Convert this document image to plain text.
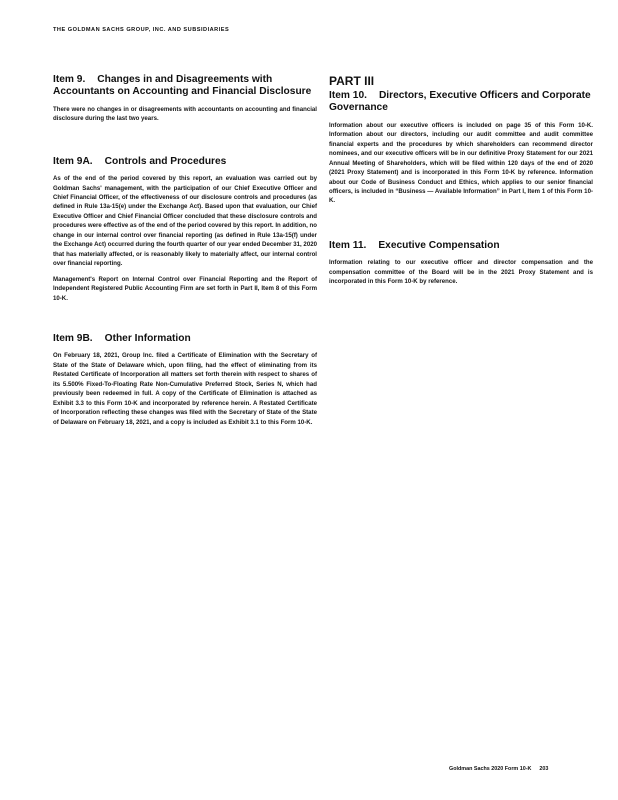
THE GOLDMAN SACHS GROUP, INC. AND SUBSIDIARIES
Item 9. Changes in and Disagreements with Accountants on Accounting and Financial Disclosure

There were no changes in or disagreements with accountants on accounting and financial disclosure during the last two years.

Item 9A. Controls and Procedures

As of the end of the period covered by this report, an evaluation was carried out by Goldman Sachs' management, with the participation of our Chief Executive Officer and Chief Financial Officer, of the effectiveness of our disclosure controls and procedures (as defined in Rule 13a-15(e) under the Exchange Act). Based upon that evaluation, our Chief Executive Officer and Chief Financial Officer concluded that these disclosure controls and procedures were effective as of the end of the period covered by this report. In addition, no change in our internal control over financial reporting (as defined in Rule 13a-15(f) under the Exchange Act) occurred during the fourth quarter of our year ended December 31, 2020 that has materially affected, or is reasonably likely to materially affect, our internal control over financial reporting.

Management's Report on Internal Control over Financial Reporting and the Report of Independent Registered Public Accounting Firm are set forth in Part II, Item 8 of this Form 10-K.

Item 9B. Other Information

On February 18, 2021, Group Inc. filed a Certificate of Elimination with the Secretary of State of the State of Delaware which, upon filing, had the effect of eliminating from its Restated Certificate of Incorporation all matters set forth therein with respect to shares of its 5.500% Fixed-To-Floating Rate Non-Cumulative Preferred Stock, Series N, which had previously been redeemed in full. A copy of the Certificate of Elimination is attached as Exhibit 3.3 to this Form 10-K and incorporated by reference herein. A Restated Certificate of Incorporation reflecting these changes was filed with the Secretary of State of the State of Delaware on February 18, 2021, and a copy is included as Exhibit 3.1 to this Form 10-K.

PART III
Item 10. Directors, Executive Officers and Corporate Governance

Information about our executive officers is included on page 35 of this Form 10-K. Information about our directors, including our audit committee and audit committee financial experts and the procedures by which shareholders can recommend director nominees, and our executive officers will be in our definitive Proxy Statement for our 2021 Annual Meeting of Shareholders, which will be filed within 120 days of the end of 2020 (2021 Proxy Statement) and is incorporated in this Form 10-K by reference. Information about our Code of Business Conduct and Ethics, which applies to our senior financial officers, is included in “Business — Available Information” in Part I, Item 1 of this Form 10-K.

Item 11. Executive Compensation

Information relating to our executive officer and director compensation and the compensation committee of the Board will be in the 2021 Proxy Statement and is incorporated in this Form 10-K by reference.

Goldman Sachs 2020 Form 10-K 203
